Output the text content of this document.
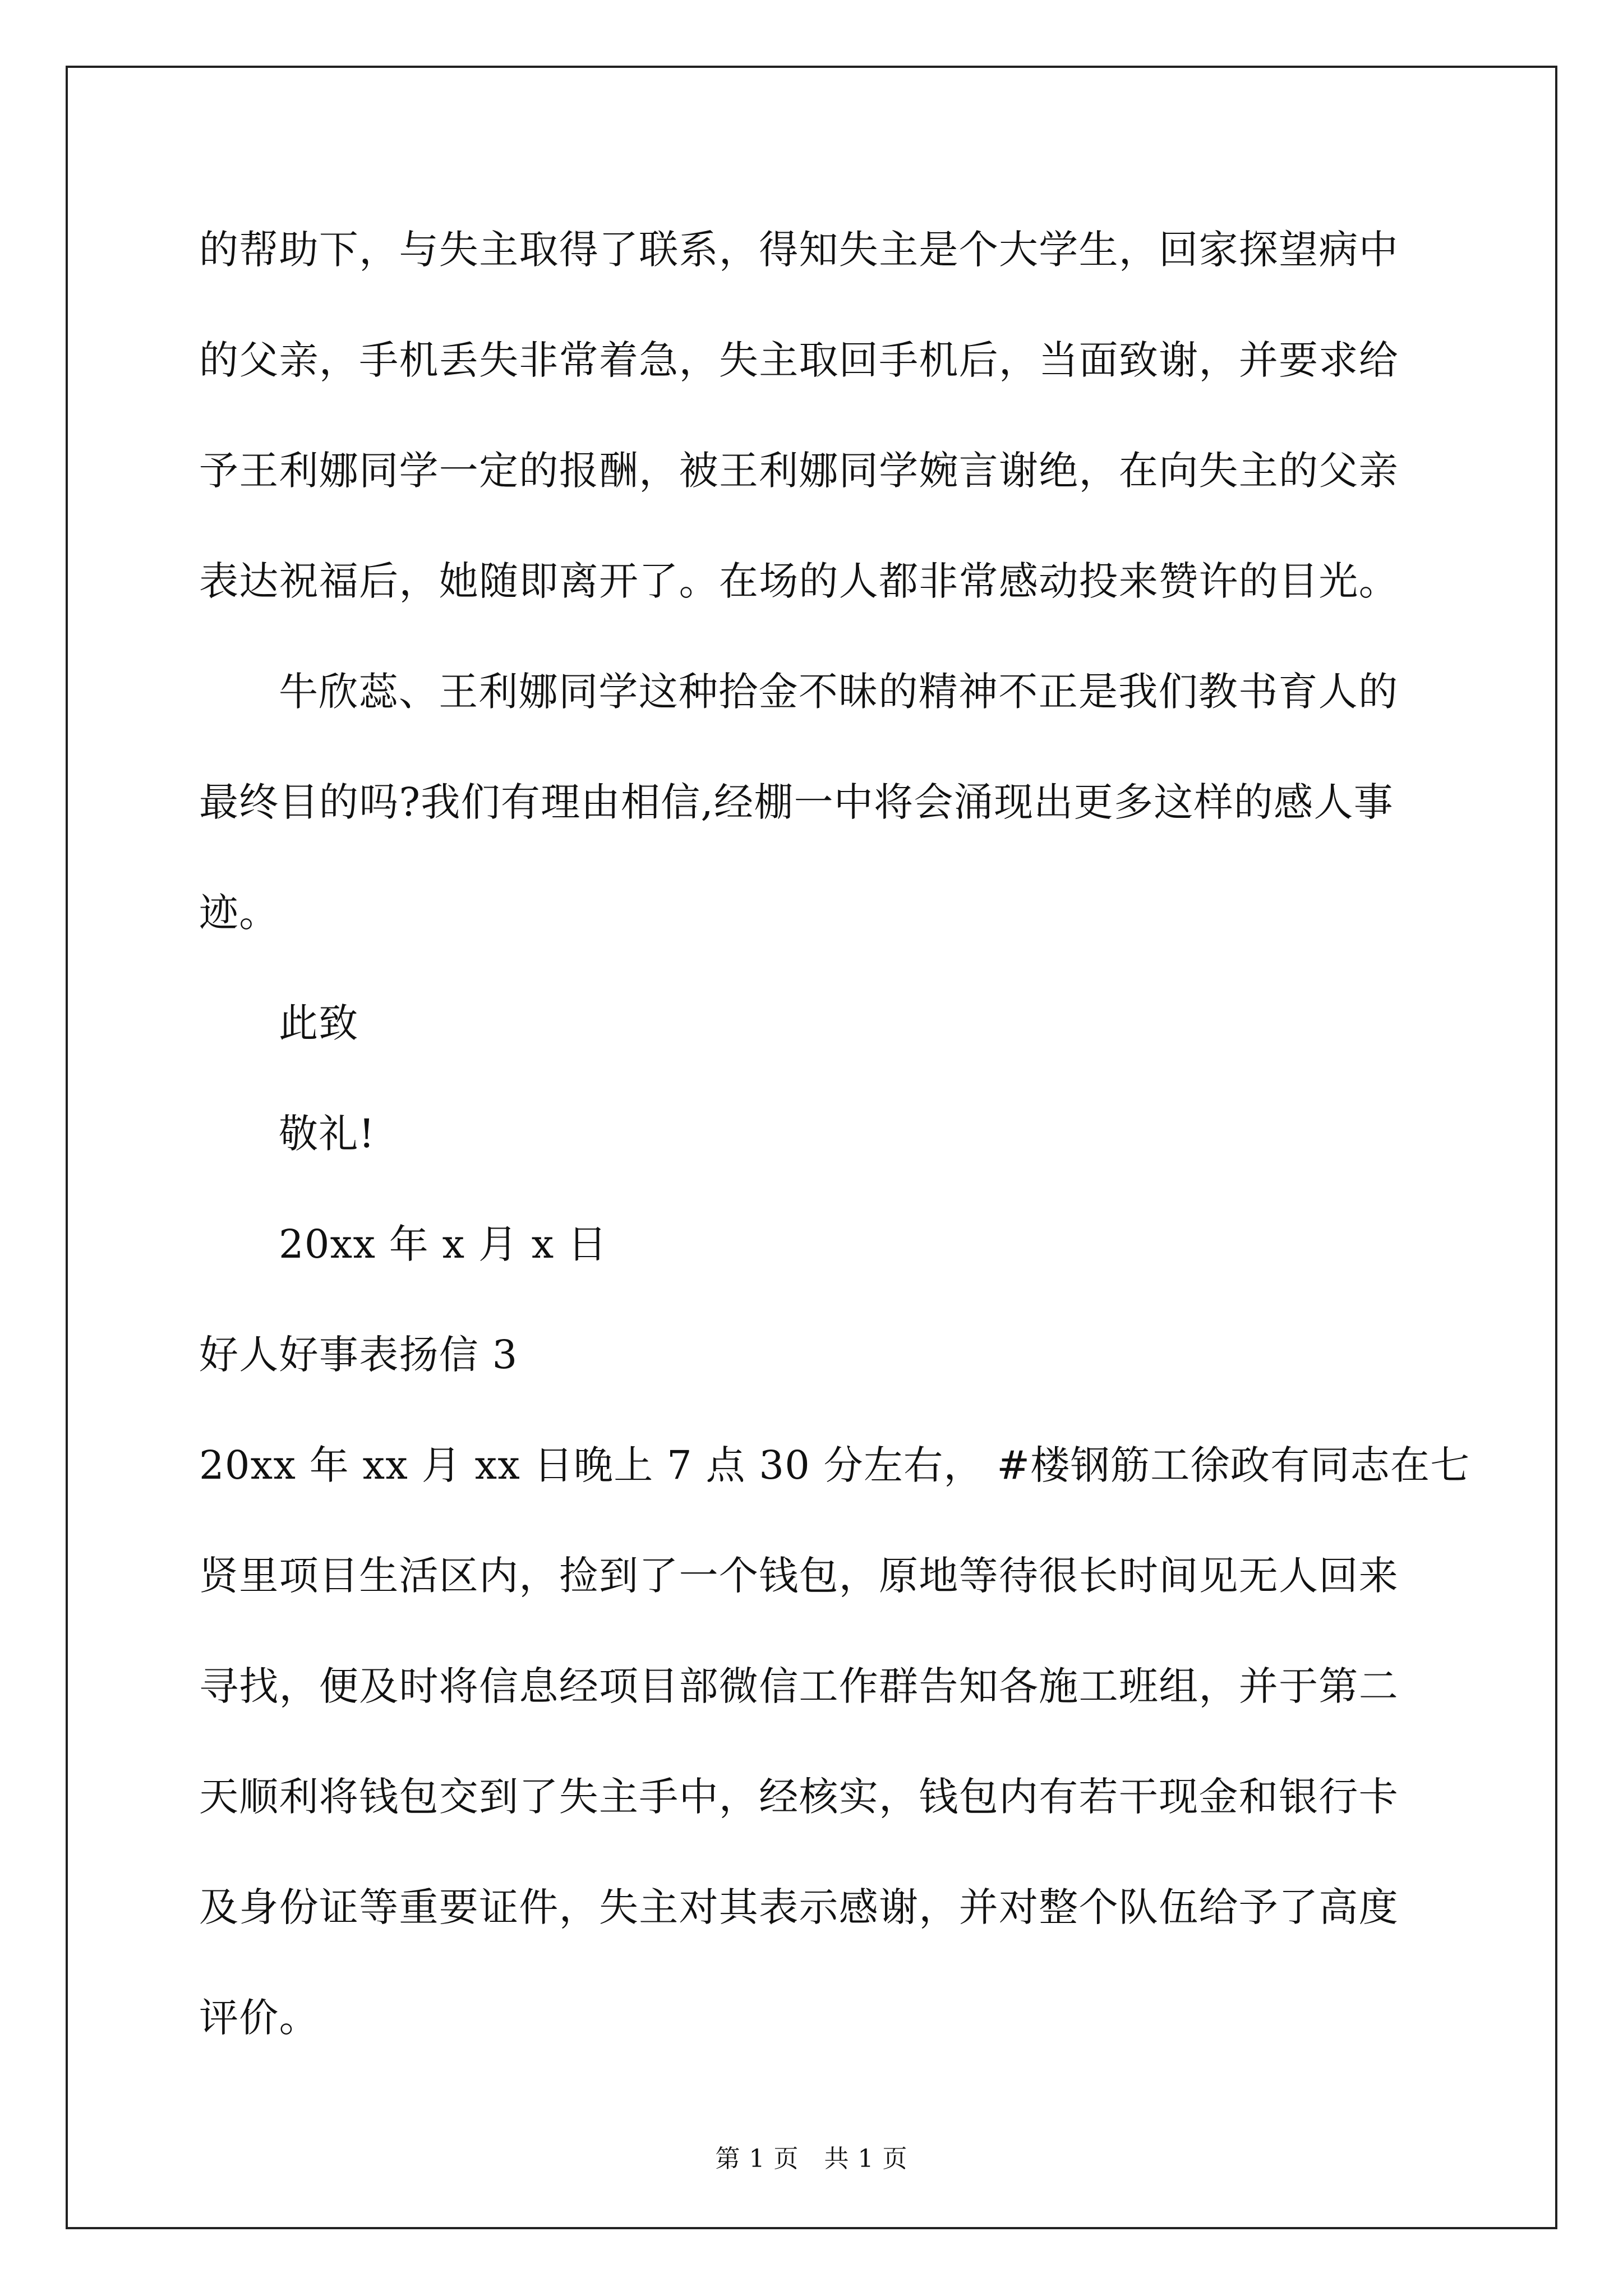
的帮助下，与失主取得了联系，得知失主是个大学生，回家探望病中
的父亲，手机丢失非常着急，失主取回手机后，当面致谢，并要求给
予王利娜同学一定的报酬，被王利娜同学婉言谢绝，在向失主的父亲
表达祝福后，她随即离开了。在场的人都非常感动投来赞许的目光。
牛欣蕊、王利娜同学这种拾金不昧的精神不正是我们教书育人的
最终目的吗?我们有理由相信,经棚一中将会涌现出更多这样的感人事
迹。
此致
敬礼!
20xx 年 x 月 x 日
好人好事表扬信 3
20xx 年 xx 月 xx 日晚上 7 点 30 分左右， #楼钢筋工徐政有同志在七
贤里项目生活区内，捡到了一个钱包，原地等待很长时间见无人回来
寻找，便及时将信息经项目部微信工作群告知各施工班组，并于第二
天顺利将钱包交到了失主手中，经核实，钱包内有若干现金和银行卡
及身份证等重要证件，失主对其表示感谢，并对整个队伍给予了高度
评价。
第 1 页   共 1 页
